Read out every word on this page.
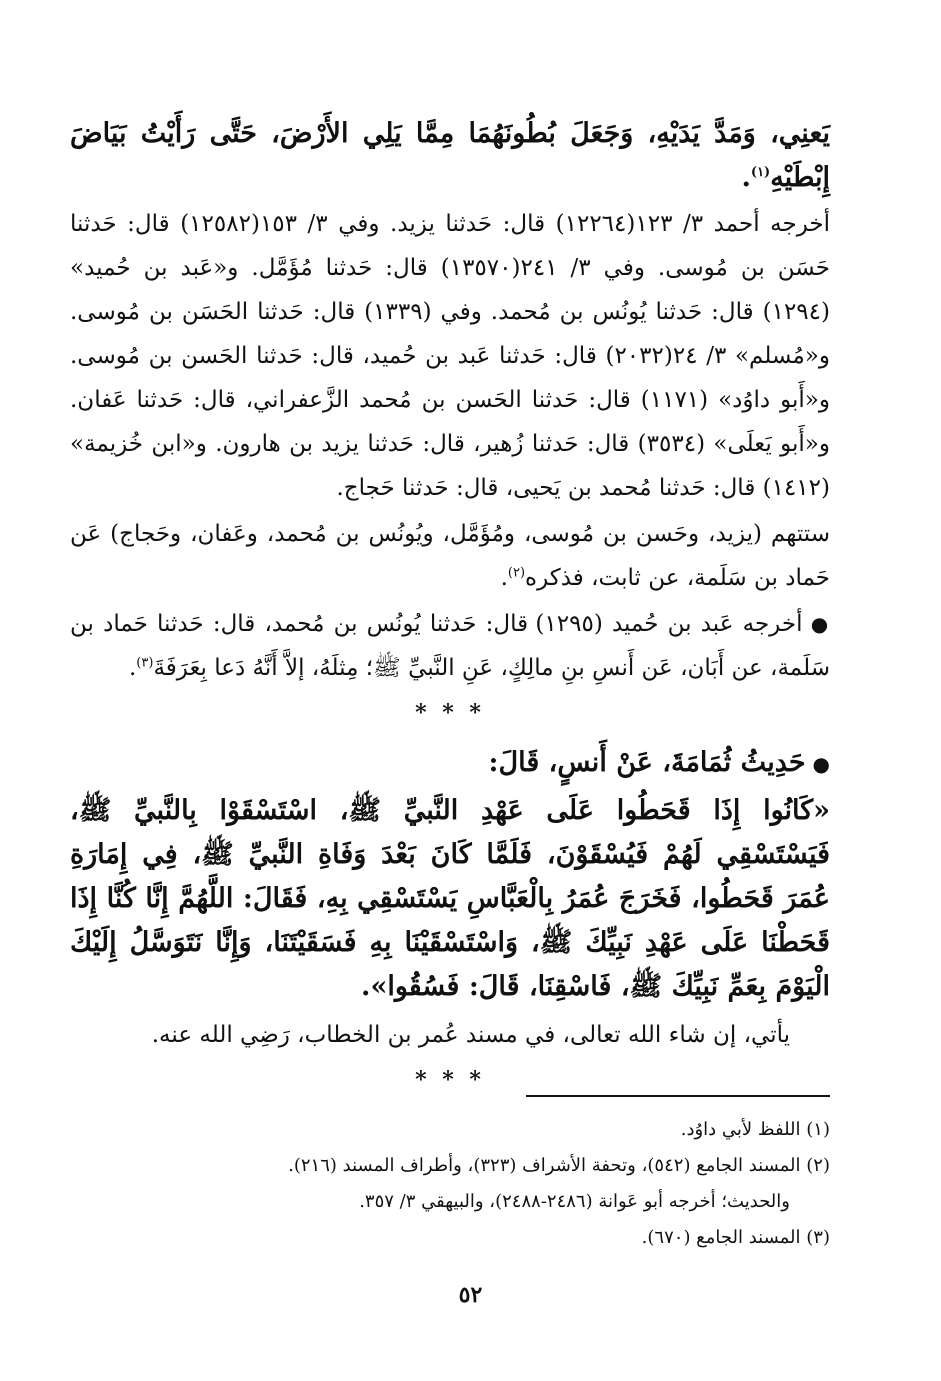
يَعنِي، وَمَدَّ يَدَيْهِ، وَجَعَلَ بُطُونَهُمَا مِمَّا يَلِي الأَرْضَ، حَتَّى رَأَيْتُ بَيَاضَ إِبْطَيْهِ$^{(١)}$.
أخرجه أحمد ٣/ ١٢٣(١٢٢٦٤) قال: حَدثنا يزيد. وفي ٣/ ١٥٣(١٢٥٨٢) قال: حَدثنا حَسَن بن مُوسى. وفي ٣/ ٢٤١(١٣٥٧٠) قال: حَدثنا مُؤَمَّل. و«عَبد بن حُميد» (١٢٩٤) قال: حَدثنا يُونُس بن مُحمد. وفي (١٣٣٩) قال: حَدثنا الحَسَن بن مُوسى. و«مُسلم» ٣/ ٢٤(٢٠٣٢) قال: حَدثنا عَبد بن حُميد، قال: حَدثنا الحَسن بن مُوسى. و«أَبو داوُد» (١١٧١) قال: حَدثنا الحَسن بن مُحمد الزَّعفراني، قال: حَدثنا عَفان. و«أَبو يَعلَى» (٣٥٣٤) قال: حَدثنا زُهير، قال: حَدثنا يزيد بن هارون. و«ابن خُزيمة» (١٤١٢) قال: حَدثنا مُحمد بن يَحيى، قال: حَدثنا حَجاج.
ستتهم (يزيد، وحَسن بن مُوسى، ومُؤَمَّل، ويُونُس بن مُحمد، وعَفان، وحَجاج) عَن حَماد بن سَلَمة، عن ثابت، فذكره$^{(٢)}$.
● أخرجه عَبد بن حُميد (١٢٩٥) قال: حَدثنا يُونُس بن مُحمد، قال: حَدثنا حَماد بن سَلَمة، عن أَبَان، عَن أَنسِ بنِ مالِكٍ، عَنِ النَّبيِّ ﷺ؛ مِثلَهُ، إلاَّ أَنَّهُ دَعا بِعَرَفَةَ$^{(٣)}$.
* * *
● حَدِيثُ ثُمَامَةَ، عَنْ أَنسٍ، قَالَ:
«كَانُوا إِذَا قَحَطُوا عَلَى عَهْدِ النَّبيِّ ﷺ، اسْتَسْقَوْا بِالنَّبيِّ ﷺ، فَيَسْتَسْقِي لَهُمْ فَيُسْقَوْنَ، فَلَمَّا كَانَ بَعْدَ وَفَاةِ النَّبيِّ ﷺ، فِي إِمَارَةِ عُمَرَ قَحَطُوا، فَخَرَجَ عُمَرُ بِالْعَبَّاسِ يَسْتَسْقِي بِهِ، فَقَالَ: اللَّهُمَّ إِنَّا كُنَّا إِذَا قَحَطْنَا عَلَى عَهْدِ نَبِيِّكَ ﷺ، وَاسْتَسْقَيْنَا بِهِ فَسَقَيْتَنَا، وَإِنَّا نَتَوَسَّلُ إِلَيْكَ الْيَوْمَ بِعَمِّ نَبِيِّكَ ﷺ، فَاسْقِنَا، قَالَ: فَسُقُوا».
يأتي، إن شاء الله تعالى، في مسند عُمر بن الخطاب، رَضِي الله عنه.
* * *
(١) اللفظ لأبي داوُد.
(٢) المسند الجامع (٥٤٢)، وتحفة الأشراف (٣٢٣)، وأطراف المسند (٢١٦).
والحديث؛ أخرجه أبو عَوانة (٢٤٨٦-٢٤٨٨)، والبيهقي ٣/ ٣٥٧.
(٣) المسند الجامع (٦٧٠).
٥٢
